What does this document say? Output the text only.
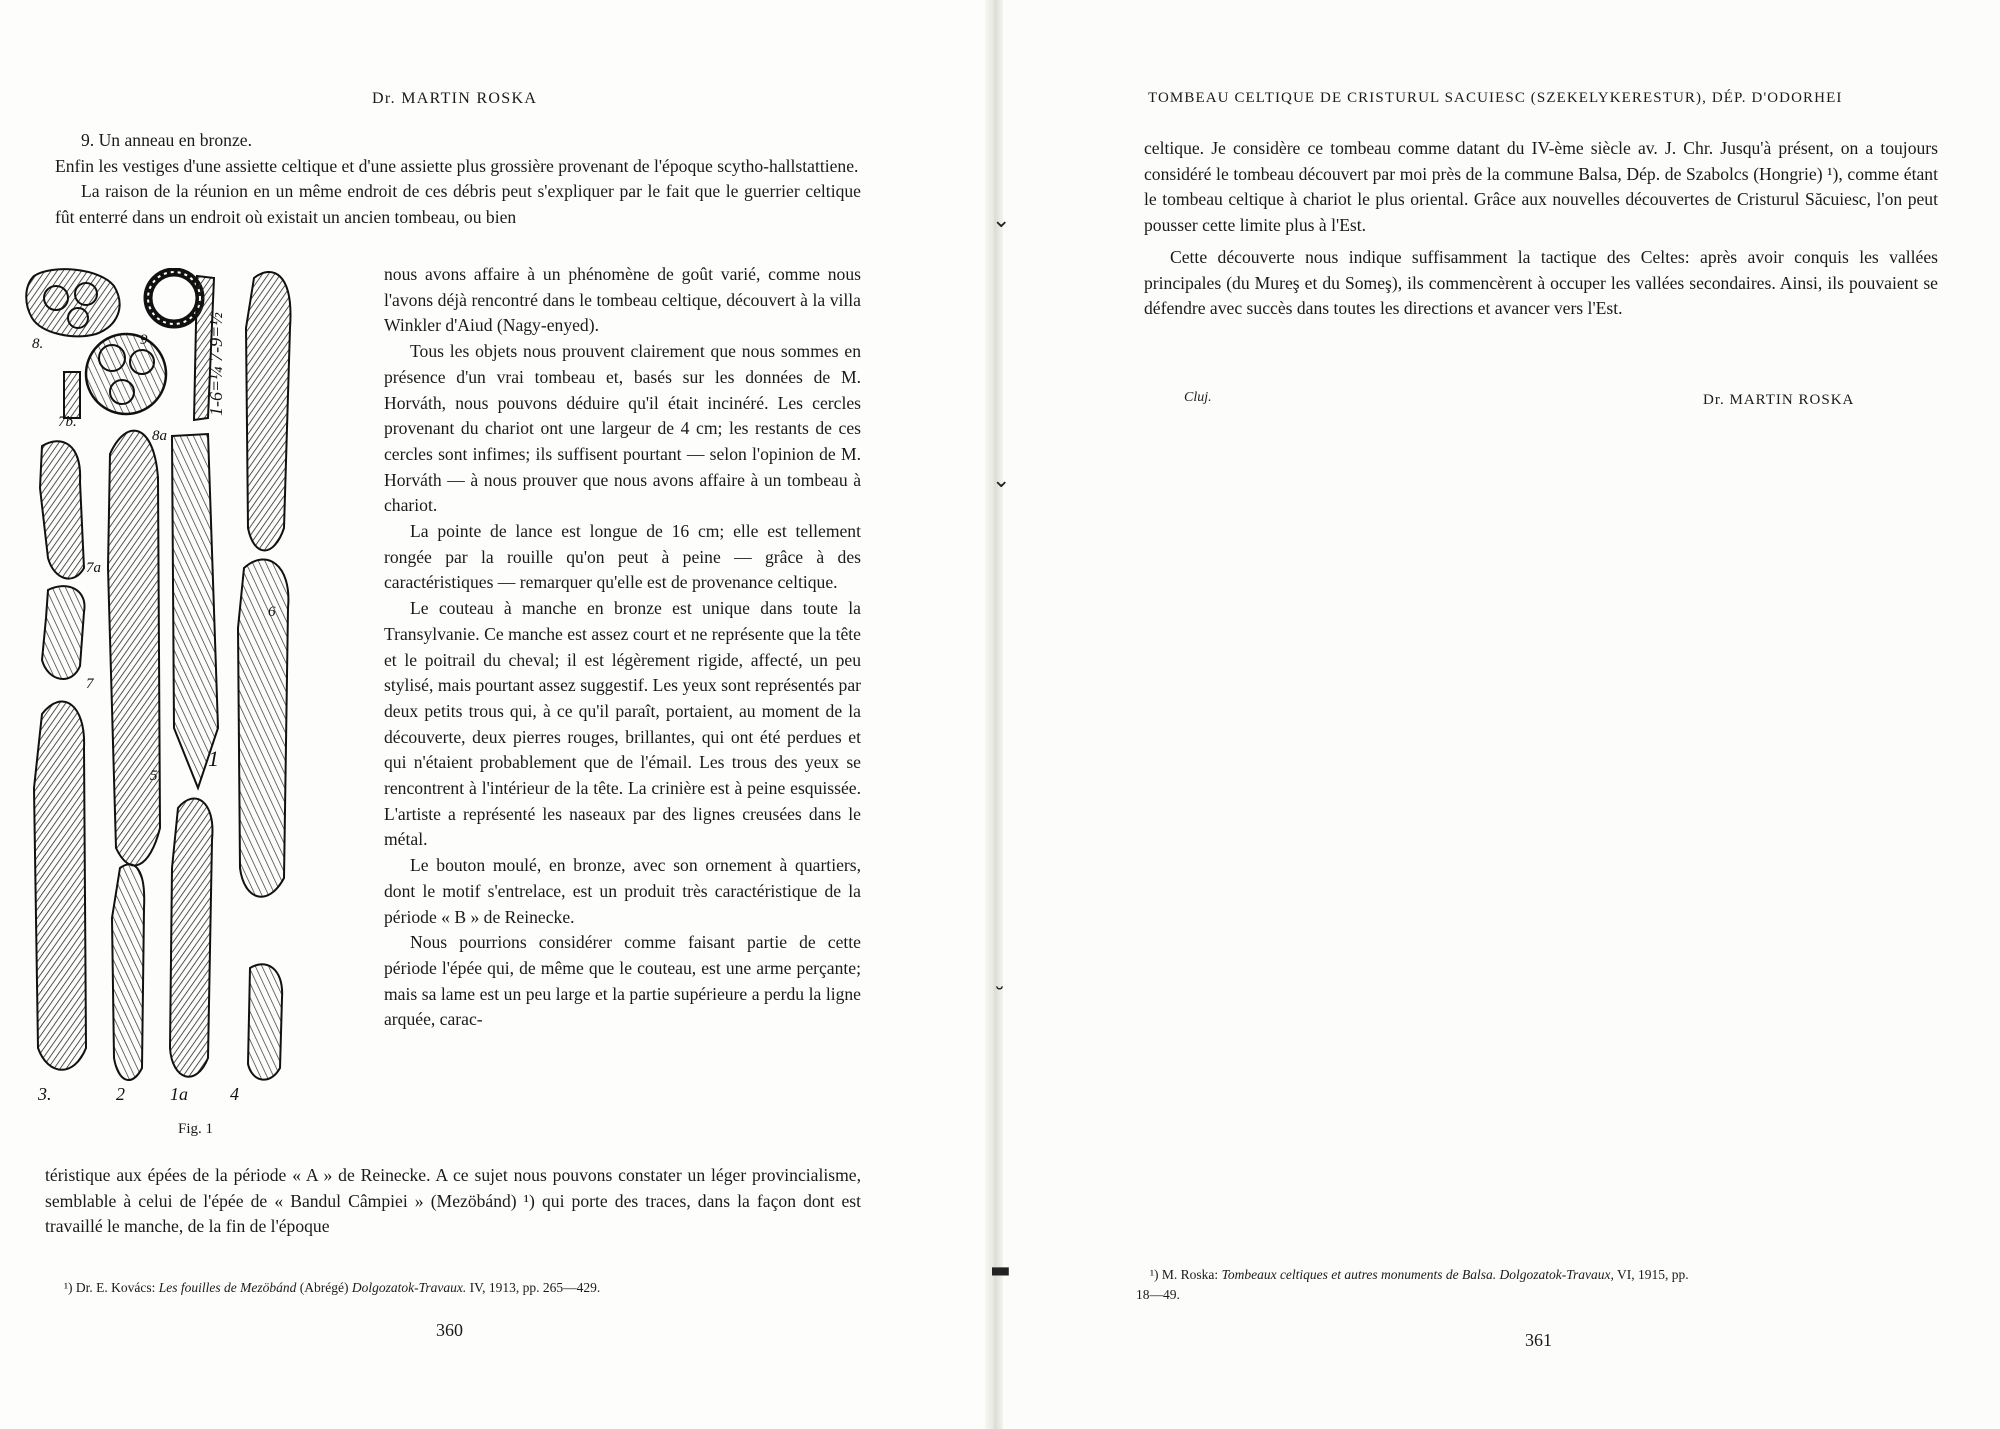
⌄
⌄
˘
▬
Dr. MARTIN ROSKA

9. Un anneau en bronze.

Enfin les vestiges d'une assiette celtique et d'une assiette plus grossière provenant de l'époque scytho-hallstattiene.

La raison de la réunion en un même endroit de ces débris peut s'expliquer par le fait que le guerrier celtique fût enterré dans un endroit où existait un ancien tombeau, ou bien

8.	9
7b.
8a
7a
6
7
1
5
3.	2	1a 4
1-6=¼ 7-9=½
Fig. 1

nous avons affaire à un phénomène de goût varié, comme nous l'avons déjà rencontré dans le tombeau celtique, découvert à la villa Winkler d'Aiud (Nagy-enyed).

Tous les objets nous prouvent clairement que nous sommes en présence d'un vrai tombeau et, basés sur les données de M. Horváth, nous pouvons déduire qu'il était incinéré. Les cercles provenant du chariot ont une largeur de 4 cm; les restants de ces cercles sont infimes; ils suffisent pourtant — selon l'opinion de M. Horváth — à nous prouver que nous avons affaire à un tombeau à chariot.

La pointe de lance est longue de 16 cm; elle est tellement rongée par la rouille qu'on peut à peine — grâce à des caractéristiques — remarquer qu'elle est de provenance celtique.

Le couteau à manche en bronze est unique dans toute la Transylvanie. Ce manche est assez court et ne représente que la tête et le poitrail du cheval; il est légèrement rigide, affecté, un peu stylisé, mais pourtant assez suggestif. Les yeux sont représentés par deux petits trous qui, à ce qu'il paraît, portaient, au moment de la découverte, deux pierres rouges, brillantes, qui ont été perdues et qui n'étaient probablement que de l'émail. Les trous des yeux se rencontrent à l'intérieur de la tête. La crinière est à peine esquissée. L'artiste a représenté les naseaux par des lignes creusées dans le métal.

Le bouton moulé, en bronze, avec son ornement à quartiers, dont le motif s'entrelace, est un produit très caractéristique de la période « B » de Reinecke.

Nous pourrions considérer comme faisant partie de cette période l'épée qui, de même que le couteau, est une arme perçante; mais sa lame est un peu large et la partie supérieure a perdu la ligne arquée, carac-

téristique aux épées de la période « A » de Reinecke. A ce sujet nous pouvons constater un léger provincialisme, semblable à celui de l'épée de « Bandul Câmpiei » (Mezöbánd) ¹) qui porte des traces, dans la façon dont est travaillé le manche, de la fin de l'époque

¹) Dr. E. Kovács: Les fouilles de Mezöbánd (Abrégé) Dolgozatok-Travaux. IV, 1913, pp. 265—429.
360
TOMBEAU CELTIQUE DE CRISTURUL SACUIESC (SZEKELYKERESTUR), DÉP. D'ODORHEI

celtique. Je considère ce tombeau comme datant du IV-ème siècle av. J. Chr. Jusqu'à présent, on a toujours considéré le tombeau découvert par moi près de la commune Balsa, Dép. de Szabolcs (Hongrie) ¹), comme étant le tombeau celtique à chariot le plus oriental. Grâce aux nouvelles découvertes de Cristurul Săcuiesc, l'on peut pousser cette limite plus à l'Est.

Cette découverte nous indique suffisamment la tactique des Celtes: après avoir conquis les vallées principales (du Mureş et du Someş), ils commencèrent à occuper les vallées secondaires. Ainsi, ils pouvaient se défendre avec succès dans toutes les directions et avancer vers l'Est.

Cluj.	Dr. MARTIN ROSKA
¹) M. Roska: Tombeaux celtiques et autres monuments de Balsa. Dolgozatok-Travaux, VI, 1915, pp.
18—49.
361
